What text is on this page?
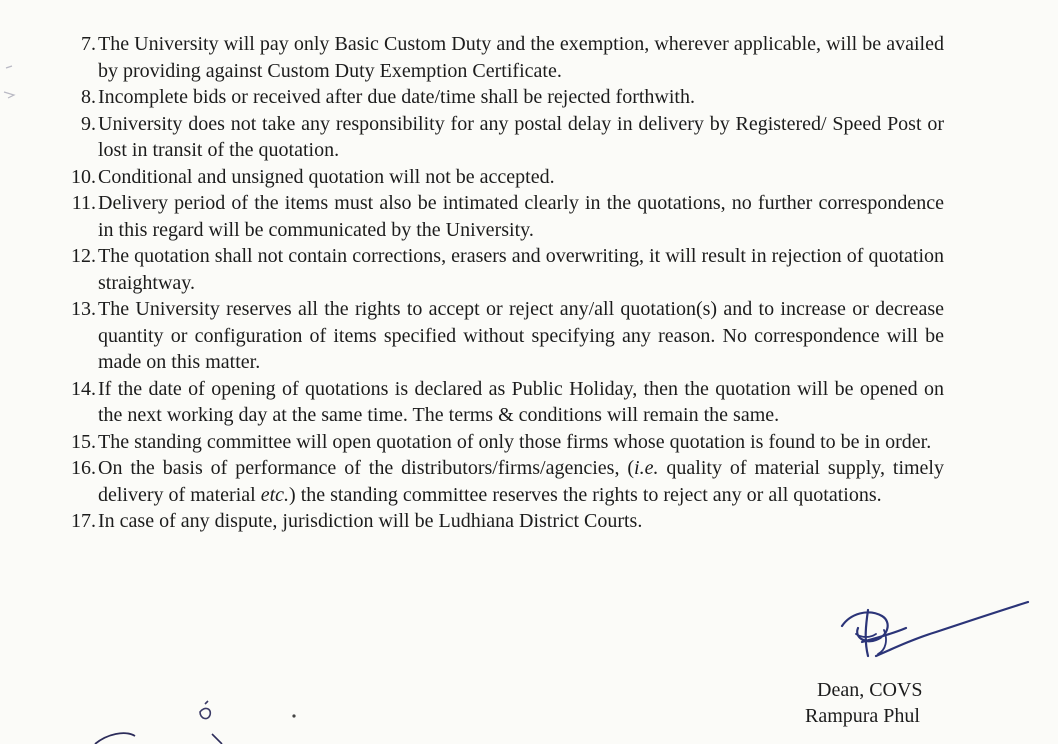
7. The University will pay only Basic Custom Duty and the exemption, wherever applicable, will be availed by providing against Custom Duty Exemption Certificate.
8. Incomplete bids or received after due date/time shall be rejected forthwith.
9. University does not take any responsibility for any postal delay in delivery by Registered/ Speed Post or lost in transit of the quotation.
10. Conditional and unsigned quotation will not be accepted.
11. Delivery period of the items must also be intimated clearly in the quotations, no further correspondence in this regard will be communicated by the University.
12. The quotation shall not contain corrections, erasers and overwriting, it will result in rejection of quotation straightway.
13. The University reserves all the rights to accept or reject any/all quotation(s) and to increase or decrease quantity or configuration of items specified without specifying any reason. No correspondence will be made on this matter.
14. If the date of opening of quotations is declared as Public Holiday, then the quotation will be opened on the next working day at the same time. The terms & conditions will remain the same.
15. The standing committee will open quotation of only those firms whose quotation is found to be in order.
16. On the basis of performance of the distributors/firms/agencies, (i.e. quality of material supply, timely delivery of material etc.) the standing committee reserves the rights to reject any or all quotations.
17. In case of any dispute, jurisdiction will be Ludhiana District Courts.
Dean, COVS
Rampura Phul
